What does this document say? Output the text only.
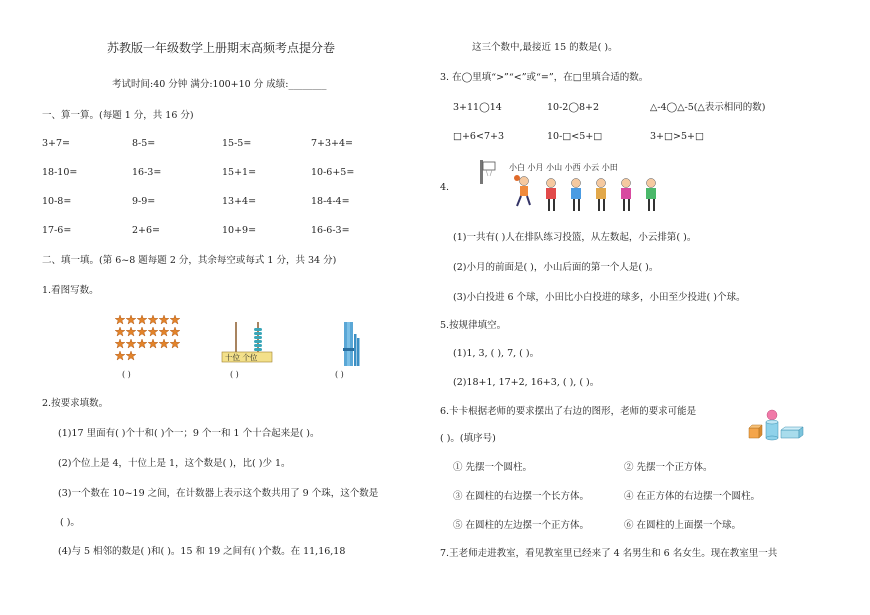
苏教版一年级数学上册期末高频考点提分卷
考试时间:40 分钟 满分:100+10 分 成绩:________
一、算一算。(每题 1 分，共 16 分)
3+7=	8-5=	15-5=	7+3+4=
18-10=	16-3=	15+1=	10-6+5=
10-8=	9-9=	13+4=	18-4-4=
17-6=	2+6=	10+9=	16-6-3=
二、填一填。(第 6~8 题每题 2 分，其余每空或每式 1 分，共 34 分)
1.看图写数。
( )
十位 个位
( )	( )
2.按要求填数。
(1)17 里面有( )个十和( )个一；9 个一和 1 个十合起来是( )。
(2)个位上是 4，十位上是 1，这个数是( )，比( )少 1。
(3)一个数在 10~19 之间，在计数器上表示这个数共用了 9 个珠，这个数是
( )。
(4)与 5 相邻的数是( )和( )。15 和 19 之间有( )个数。在 11,16,18
这三个数中,最接近 15 的数是( )。
3. 在◯里填“>”“<”或“=”，在□里填合适的数。
3+11◯14	10-2◯8+2	△-4◯△-5(△表示相同的数)
□+6<7+3	10-□<5+□	3+□>5+□
4.
小白 小月 小山 小西 小云 小田
(1)一共有( )人在排队练习投篮，从左数起，小云排第( )。
(2)小月的前面是( )，小山后面的第一个人是( )。
(3)小白投进 6 个球，小田比小白投进的球多，小田至少投进( )个球。
5.按规律填空。
(1)1, 3, ( ), 7, ( )。
(2)18+1, 17+2, 16+3, ( ), ( )。
6.卡卡根据老师的要求摆出了右边的图形，老师的要求可能是
( )。(填序号)
① 先摆一个圆柱。	② 先摆一个正方体。
③ 在圆柱的右边摆一个长方体。	④ 在正方体的右边摆一个圆柱。
⑤ 在圆柱的左边摆一个正方体。	⑥ 在圆柱的上面摆一个球。
7.王老师走进教室，看见教室里已经来了 4 名男生和 6 名女生。现在教室里一共
